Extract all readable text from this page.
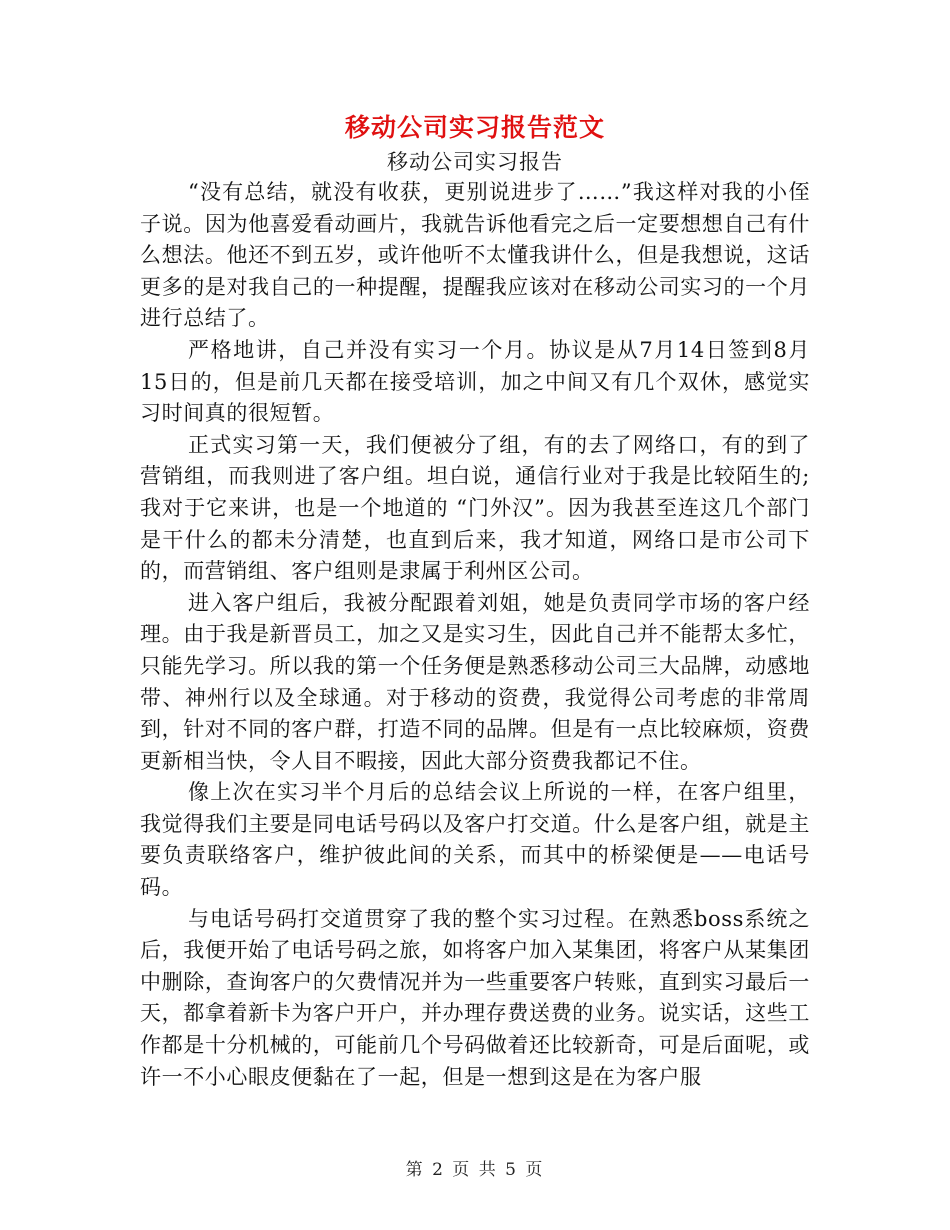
移动公司实习报告范文
移动公司实习报告

“没有总结，就没有收获，更别说进步了……”我这样对我的小侄子说。因为他喜爱看动画片，我就告诉他看完之后一定要想想自己有什么想法。他还不到五岁，或许他听不太懂我讲什么，但是我想说，这话更多的是对我自己的一种提醒，提醒我应该对在移动公司实习的一个月进行总结了。

严格地讲，自己并没有实习一个月。协议是从7月14日签到8月15日的，但是前几天都在接受培训，加之中间又有几个双休，感觉实习时间真的很短暂。

正式实习第一天，我们便被分了组，有的去了网络口，有的到了营销组，而我则进了客户组。坦白说，通信行业对于我是比较陌生的;我对于它来讲，也是一个地道的 “门外汉”。因为我甚至连这几个部门是干什么的都未分清楚，也直到后来，我才知道，网络口是市公司下的，而营销组、客户组则是隶属于利州区公司。

进入客户组后，我被分配跟着刘姐，她是负责同学市场的客户经理。由于我是新晋员工，加之又是实习生，因此自己并不能帮太多忙，只能先学习。所以我的第一个任务便是熟悉移动公司三大品牌，动感地带、神州行以及全球通。对于移动的资费，我觉得公司考虑的非常周到，针对不同的客户群，打造不同的品牌。但是有一点比较麻烦，资费更新相当快，令人目不暇接，因此大部分资费我都记不住。

像上次在实习半个月后的总结会议上所说的一样，在客户组里，我觉得我们主要是同电话号码以及客户打交道。什么是客户组，就是主要负责联络客户，维护彼此间的关系，而其中的桥梁便是——电话号码。

与电话号码打交道贯穿了我的整个实习过程。在熟悉boss系统之后，我便开始了电话号码之旅，如将客户加入某集团，将客户从某集团中删除，查询客户的欠费情况并为一些重要客户转账，直到实习最后一天，都拿着新卡为客户开户，并办理存费送费的业务。说实话，这些工作都是十分机械的，可能前几个号码做着还比较新奇，可是后面呢，或许一不小心眼皮便黏在了一起，但是一想到这是在为客户服

第 2 页 共 5 页
